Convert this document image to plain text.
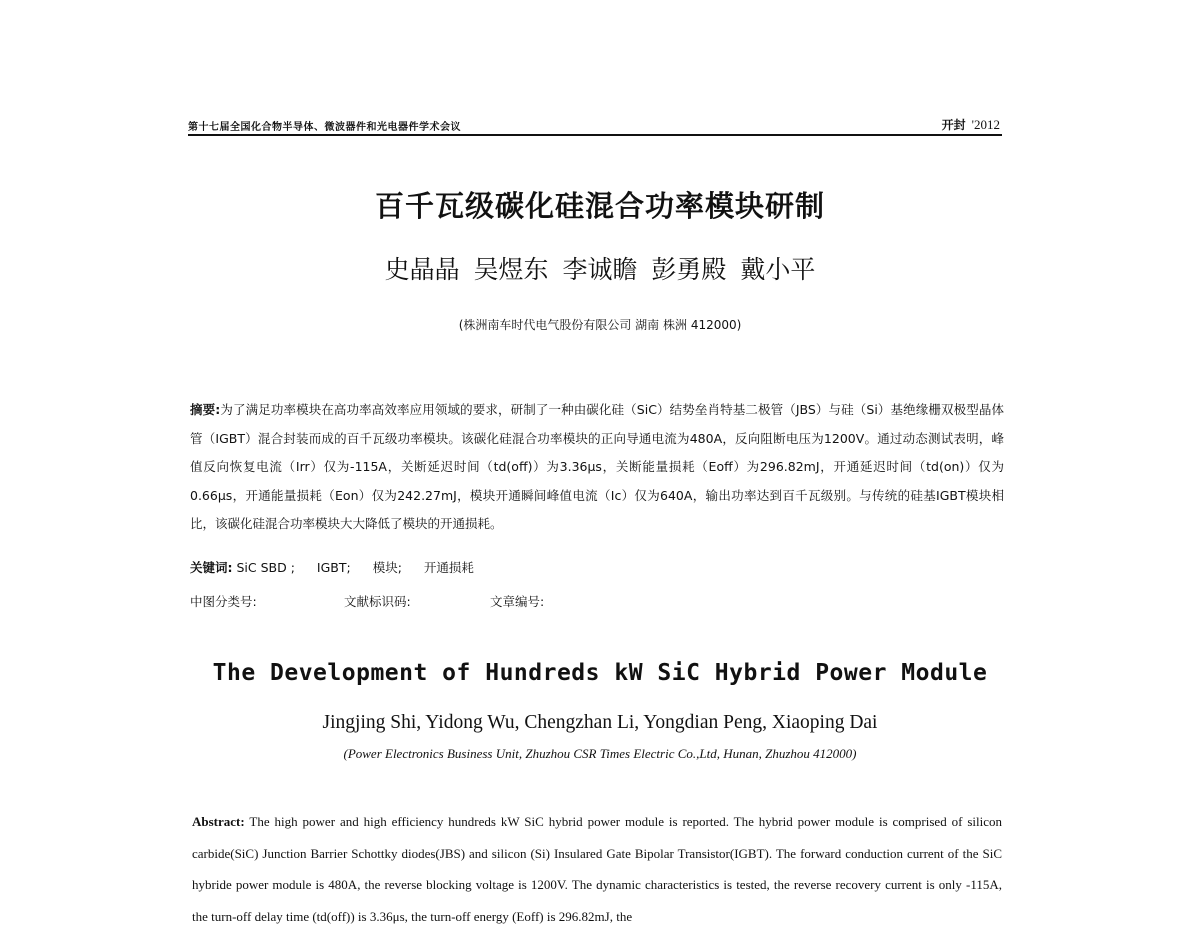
第十七届全国化合物半导体、微波器件和光电器件学术会议	开封 '2012
百千瓦级碳化硅混合功率模块研制
史晶晶 吴煜东 李诚瞻 彭勇殿 戴小平
(株洲南车时代电气股份有限公司 湖南 株洲 412000)

摘要:为了满足功率模块在高功率高效率应用领域的要求，研制了一种由碳化硅（SiC）结势垒肖特基二极管（JBS）与硅（Si）基绝缘栅双极型晶体管（IGBT）混合封装而成的百千瓦级功率模块。该碳化硅混合功率模块的正向导通电流为480A，反向阻断电压为1200V。通过动态测试表明，峰值反向恢复电流（Irr）仅为-115A，关断延迟时间（td(off)）为3.36μs，关断能量损耗（Eoff）为296.82mJ，开通延迟时间（td(on)）仅为0.66μs，开通能量损耗（Eon）仅为242.27mJ，模块开通瞬间峰值电流（Ic）仅为640A，输出功率达到百千瓦级别。与传统的硅基IGBT模块相比，该碳化硅混合功率模块大大降低了模块的开通损耗。

关键词: SiC SBD ; IGBT; 模块; 开通损耗
中图分类号:	文献标识码:	文章编号:
The Development of Hundreds kW SiC Hybrid Power Module
Jingjing Shi, Yidong Wu, Chengzhan Li, Yongdian Peng, Xiaoping Dai
(Power Electronics Business Unit, Zhuzhou CSR Times Electric Co.,Ltd, Hunan, Zhuzhou 412000)

Abstract: The high power and high efficiency hundreds kW SiC hybrid power module is reported. The hybrid power module is comprised of silicon carbide(SiC) Junction Barrier Schottky diodes(JBS) and silicon (Si) Insulared Gate Bipolar Transistor(IGBT). The forward conduction current of the SiC hybride power module is 480A, the reverse blocking voltage is 1200V. The dynamic characteristics is tested, the reverse recovery current is only -115A, the turn-off delay time (td(off)) is 3.36μs, the turn-off energy (Eoff) is 296.82mJ, the
